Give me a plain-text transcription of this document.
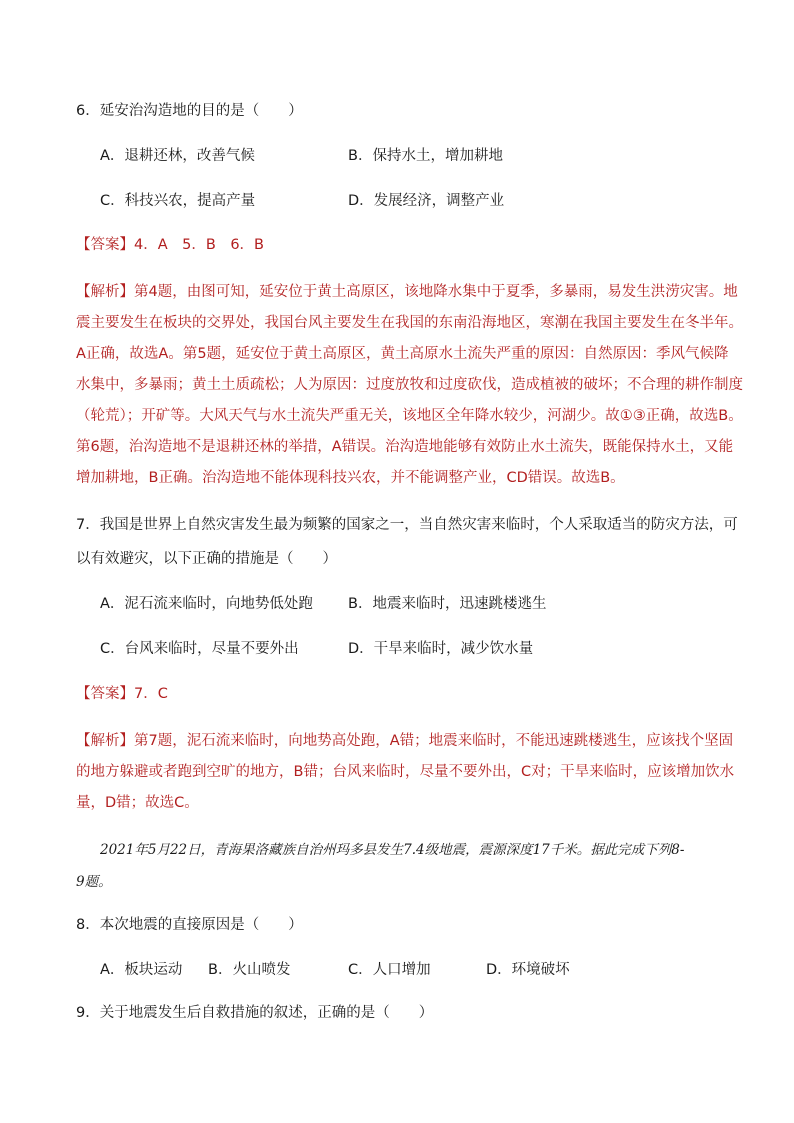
6．延安治沟造地的目的是（　　）
A．退耕还林，改善气候	B．保持水土，增加耕地
C．科技兴农，提高产量	D．发展经济，调整产业
【答案】4．A　5．B　6．B
【解析】第4题，由图可知，延安位于黄土高原区，该地降水集中于夏季，多暴雨，易发生洪涝灾害。地
震主要发生在板块的交界处，我国台风主要发生在我国的东南沿海地区，寒潮在我国主要发生在冬半年。
A正确，故选A。第5题，延安位于黄土高原区，黄土高原水土流失严重的原因：自然原因：季风气候降
水集中，多暴雨；黄土土质疏松；人为原因：过度放牧和过度砍伐，造成植被的破坏；不合理的耕作制度
（轮荒）；开矿等。大风天气与水土流失严重无关，该地区全年降水较少，河湖少。故①③正确，故选B。
第6题，治沟造地不是退耕还林的举措，A错误。治沟造地能够有效防止水土流失，既能保持水土，又能
增加耕地，B正确。治沟造地不能体现科技兴农，并不能调整产业，CD错误。故选B。
7．我国是世界上自然灾害发生最为频繁的国家之一，当自然灾害来临时，个人采取适当的防灾方法，可
以有效避灾，以下正确的措施是（　　）
A．泥石流来临时，向地势低处跑 B．地震来临时，迅速跳楼逃生
C．台风来临时，尽量不要外出	D．干旱来临时，减少饮水量
【答案】7．C
【解析】第7题，泥石流来临时，向地势高处跑，A错；地震来临时，不能迅速跳楼逃生，应该找个坚固
的地方躲避或者跑到空旷的地方，B错；台风来临时，尽量不要外出，C对；干旱来临时，应该增加饮水
量，D错；故选C。
2021年5月22日，青海果洛藏族自治州玛多县发生7.4级地震，震源深度17千米。据此完成下列8-
9题。
8．本次地震的直接原因是（　　）
A．板块运动 B．火山喷发	C．人口增加	D．环境破坏
9．关于地震发生后自救措施的叙述，正确的是（　　）
